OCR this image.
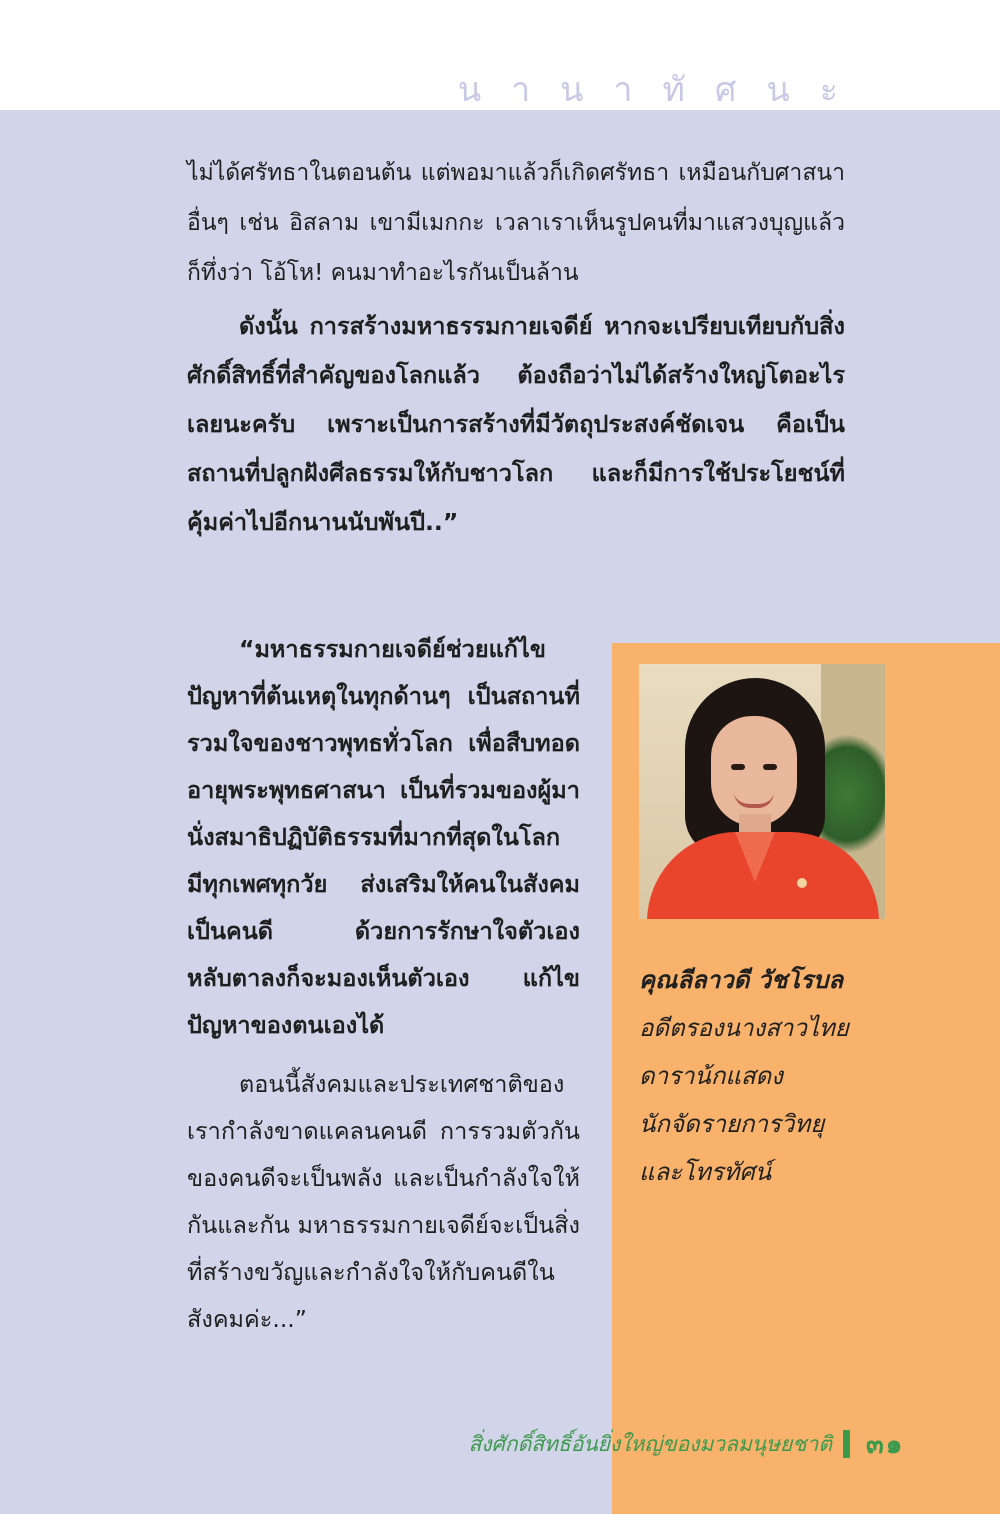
นานาทัศนะ

ไม่ได้ศรัทธาในตอนต้น แต่พอมาแล้วก็เกิดศรัทธา เหมือนกับศาสนาอื่นๆ เช่น อิสลาม เขามีเมกกะ เวลาเราเห็นรูปคนที่มาแสวงบุญแล้วก็ทึ่งว่า โอ้โห! คนมาทำอะไรกันเป็นล้าน

ดังนั้น การสร้างมหาธรรมกายเจดีย์ หากจะเปรียบเทียบกับสิ่งศักดิ์สิทธิ์ที่สำคัญของโลกแล้ว ต้องถือว่าไม่ได้สร้างใหญ่โตอะไรเลยนะครับ เพราะเป็นการสร้างที่มีวัตถุประสงค์ชัดเจน คือเป็นสถานที่ปลูกฝังศีลธรรมให้กับชาวโลก และก็มีการใช้ประโยชน์ที่คุ้มค่าไปอีกนานนับพันปี..”

“มหาธรรมกายเจดีย์ช่วยแก้ไขปัญหาที่ต้นเหตุในทุกด้านๆ เป็นสถานที่รวมใจของชาวพุทธทั่วโลก เพื่อสืบทอดอายุพระพุทธศาสนา เป็นที่รวมของผู้มานั่งสมาธิปฏิบัติธรรมที่มากที่สุดในโลก มีทุกเพศทุกวัย ส่งเสริมให้คนในสังคมเป็นคนดี ด้วยการรักษาใจตัวเอง หลับตาลงก็จะมองเห็นตัวเอง แก้ไขปัญหาของตนเองได้

ตอนนี้สังคมและประเทศชาติของเรากำลังขาดแคลนคนดี การรวมตัวกันของคนดีจะเป็นพลัง และเป็นกำลังใจให้กันและกัน มหาธรรมกายเจดีย์จะเป็นสิ่งที่สร้างขวัญและกำลังใจให้กับคนดีในสังคมค่ะ...”

คุณลีลาวดี วัชโรบล
อดีตรองนางสาวไทย
ดาราน้กแสดง
นักจัดรายการวิทยุ
และโทรทัศน์
สิ่งศักดิ์สิทธิ์อันยิ่งใหญ่ของมวลมนุษยชาติ ๓๑
